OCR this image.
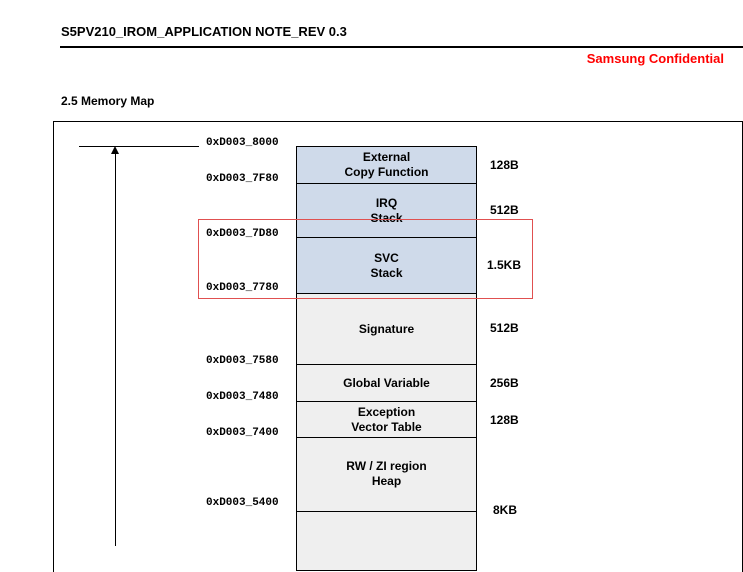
S5PV210_IROM_APPLICATION NOTE_REV 0.3
Samsung Confidential
2.5 Memory Map
External
Copy Function
IRQ
Stack
SVC
Stack
Signature
Global Variable
Exception
Vector Table
RW / ZI region
Heap
0xD003_8000
0xD003_7F80
0xD003_7D80
0xD003_7780
0xD003_7580
0xD003_7480
0xD003_7400
0xD003_5400
128B
512B
1.5KB
512B
256B
128B
8KB
